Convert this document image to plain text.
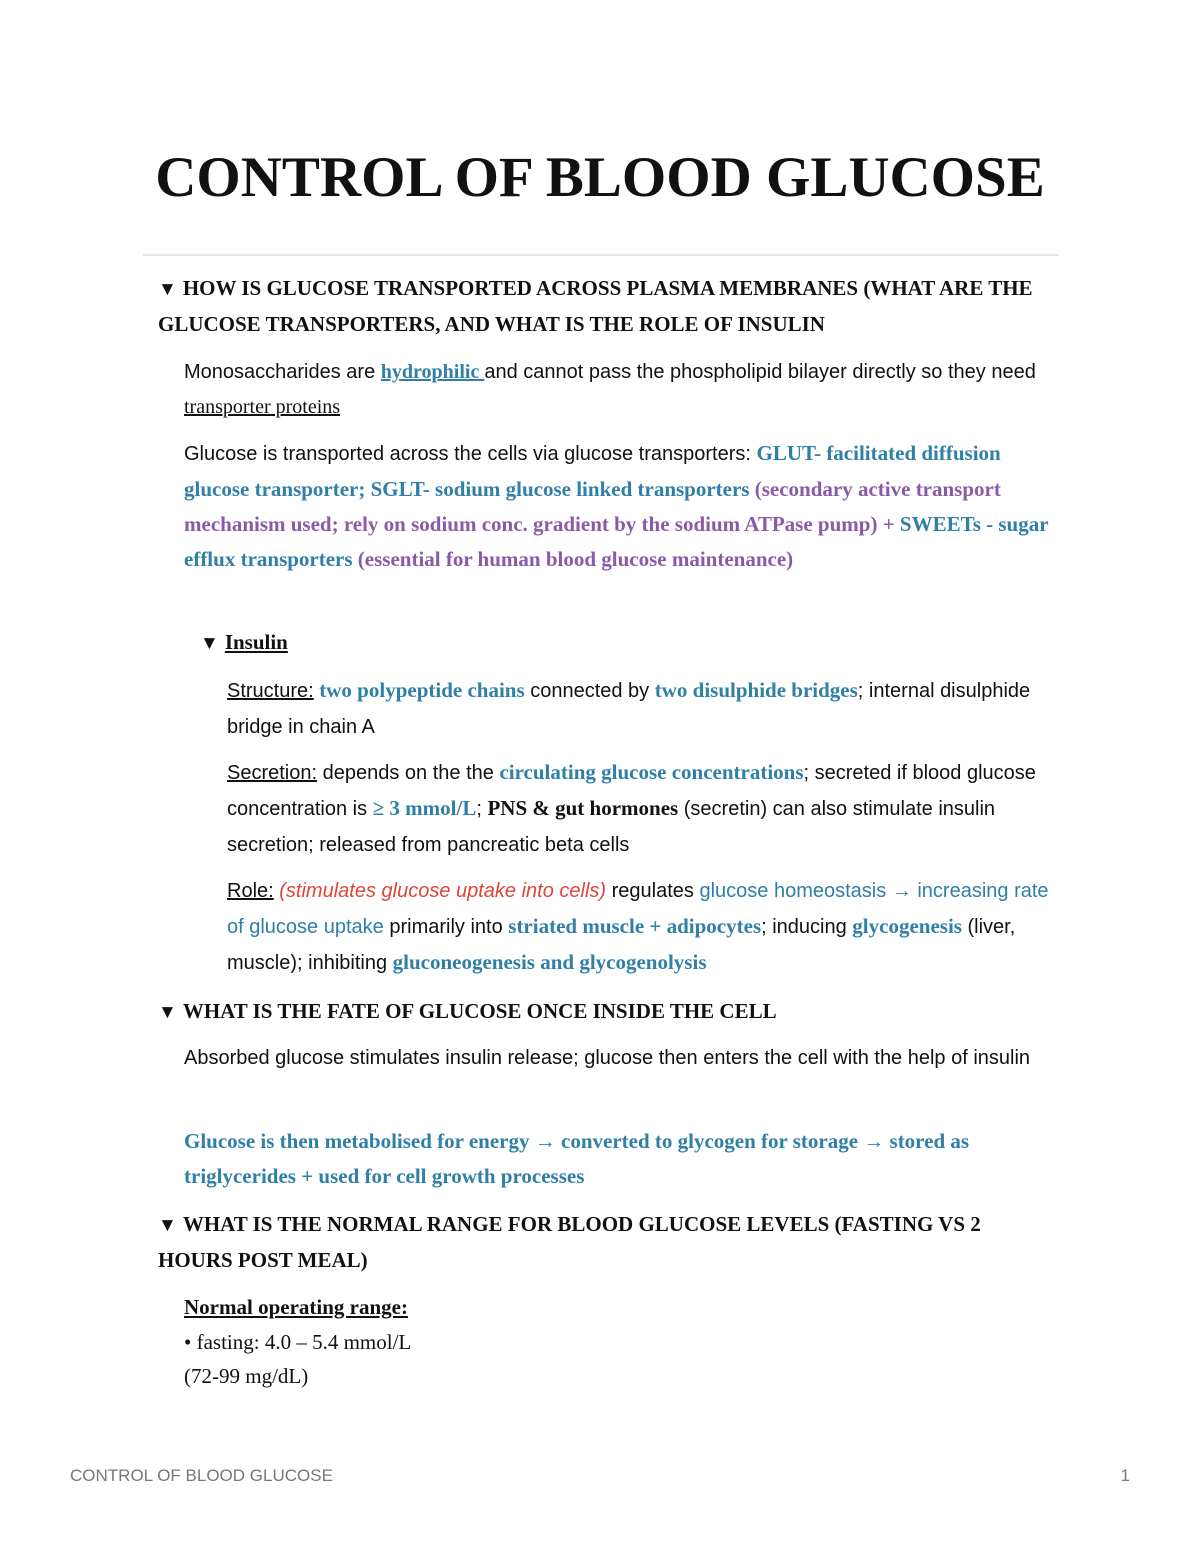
CONTROL OF BLOOD GLUCOSE
▼ HOW IS GLUCOSE TRANSPORTED ACROSS PLASMA MEMBRANES (WHAT ARE THE GLUCOSE TRANSPORTERS, AND WHAT IS THE ROLE OF INSULIN

Monosaccharides are hydrophilic and cannot pass the phospholipid bilayer directly so they need transporter proteins

Glucose is transported across the cells via glucose transporters: GLUT- facilitated diffusion glucose transporter; SGLT- sodium glucose linked transporters (secondary active transport mechanism used; rely on sodium conc. gradient by the sodium ATPase pump) + SWEETs - sugar efflux transporters (essential for human blood glucose maintenance)

▼ Insulin

Structure: two polypeptide chains connected by two disulphide bridges; internal disulphide bridge in chain A

Secretion: depends on the the circulating glucose concentrations; secreted if blood glucose concentration is ≥ 3 mmol/L; PNS & gut hormones (secretin) can also stimulate insulin secretion; released from pancreatic beta cells

Role: (stimulates glucose uptake into cells) regulates glucose homeostasis → increasing rate of glucose uptake primarily into striated muscle + adipocytes; inducing glycogenesis (liver, muscle); inhibiting gluconeogenesis and glycogenolysis

▼ WHAT IS THE FATE OF GLUCOSE ONCE INSIDE THE CELL

Absorbed glucose stimulates insulin release; glucose then enters the cell with the help of insulin

Glucose is then metabolised for energy → converted to glycogen for storage → stored as triglycerides + used for cell growth processes

▼ WHAT IS THE NORMAL RANGE FOR BLOOD GLUCOSE LEVELS (FASTING VS 2 HOURS POST MEAL)
Normal operating range:
• fasting: 4.0 – 5.4 mmol/L
(72-99 mg/dL)
CONTROL OF BLOOD GLUCOSE	1
